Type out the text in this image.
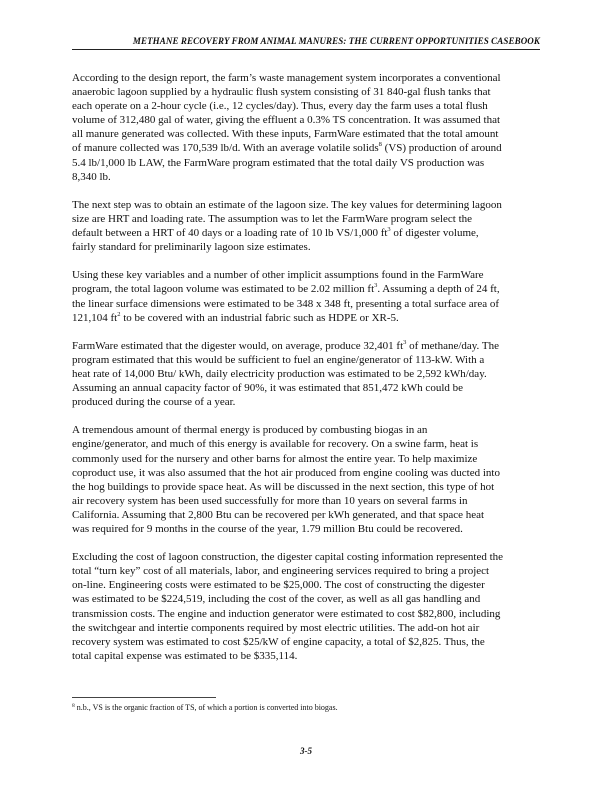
METHANE RECOVERY FROM ANIMAL MANURES: THE CURRENT OPPORTUNITIES CASEBOOK
According to the design report, the farm’s waste management system incorporates a conventional
anaerobic lagoon supplied by a hydraulic flush system consisting of 31 840-gal flush tanks that
each operate on a 2-hour cycle (i.e., 12 cycles/day). Thus, every day the farm uses a total flush
volume of 312,480 gal of water, giving the effluent a 0.3% TS concentration. It was assumed that
all manure generated was collected. With these inputs, FarmWare estimated that the total amount
of manure collected was 170,539 lb/d. With an average volatile solids$^8$ (VS) production of around
5.4 lb/1,000 lb LAW, the FarmWare program estimated that the total daily VS production was
8,340 lb.
The next step was to obtain an estimate of the lagoon size. The key values for determining lagoon
size are HRT and loading rate. The assumption was to let the FarmWare program select the
default between a HRT of 40 days or a loading rate of 10 lb VS/1,000 $ft^3$ of digester volume,
fairly standard for preliminarily lagoon size estimates.
Using these key variables and a number of other implicit assumptions found in the FarmWare
program, the total lagoon volume was estimated to be 2.02 million $ft^3$. Assuming a depth of 24 ft,
the linear surface dimensions were estimated to be 348 x 348 ft, presenting a total surface area of
121,104 $ft^2$ to be covered with an industrial fabric such as HDPE or XR-5.
FarmWare estimated that the digester would, on average, produce 32,401 $ft^3$ of methane/day. The
program estimated that this would be sufficient to fuel an engine/generator of 113-kW. With a
heat rate of 14,000 Btu/ kWh, daily electricity production was estimated to be 2,592 kWh/day.
Assuming an annual capacity factor of 90%, it was estimated that 851,472 kWh could be
produced during the course of a year.
A tremendous amount of thermal energy is produced by combusting biogas in an
engine/generator, and much of this energy is available for recovery. On a swine farm, heat is
commonly used for the nursery and other barns for almost the entire year. To help maximize
coproduct use, it was also assumed that the hot air produced from engine cooling was ducted into
the hog buildings to provide space heat. As will be discussed in the next section, this type of hot
air recovery system has been used successfully for more than 10 years on several farms in
California. Assuming that 2,800 Btu can be recovered per kWh generated, and that space heat
was required for 9 months in the course of the year, 1.79 million Btu could be recovered.
Excluding the cost of lagoon construction, the digester capital costing information represented the
total “turn key” cost of all materials, labor, and engineering services required to bring a project
on-line. Engineering costs were estimated to be $25,000. The cost of constructing the digester
was estimated to be $224,519, including the cost of the cover, as well as all gas handling and
transmission costs. The engine and induction generator were estimated to cost $82,800, including
the switchgear and intertie components required by most electric utilities. The add-on hot air
recovery system was estimated to cost $25/kW of engine capacity, a total of $2,825. Thus, the
total capital expense was estimated to be $335,114.
$^8$ n.b., VS is the organic fraction of TS, of which a portion is converted into biogas.
3-5
